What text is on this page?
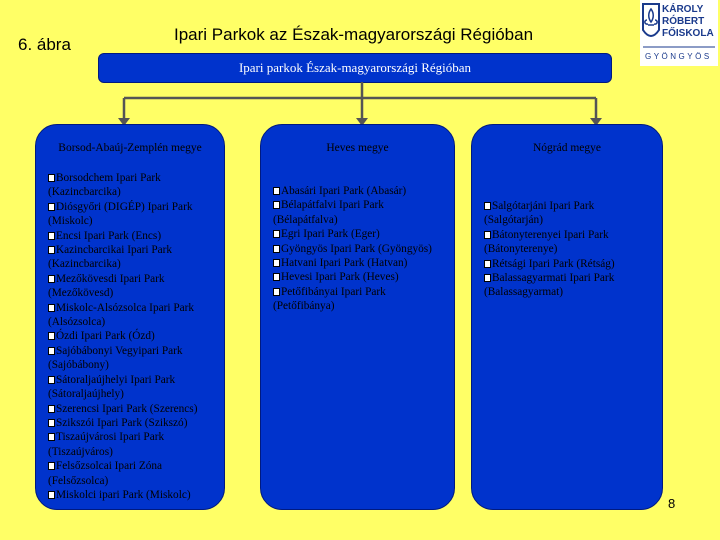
6. ábra
Ipari Parkok az Észak-magyarországi Régióban
KÁROLY
RÓBERT
FŐISKOLA
GYÖNGYÖS
Ipari parkok Észak-magyarországi Régióban
Borsod-Abaúj-Zemplén megye
Borsodchem Ipari Park (Kazincbarcika)
Diósgyőri (DIGÉP) Ipari Park (Miskolc)
Encsi Ipari Park (Encs)
Kazincbarcikai Ipari Park (Kazincbarcika)
Mezőkövesdi Ipari Park (Mezőkövesd)
Miskolc-Alsózsolca Ipari Park (Alsózsolca)
Ózdi Ipari Park (Ózd)
Sajóbábonyi Vegyipari Park (Sajóbábony)
Sátoraljaújhelyi Ipari Park (Sátoraljaújhely)
Szerencsi Ipari Park (Szerencs)
Szikszói Ipari Park (Szikszó)
Tiszaújvárosi Ipari Park (Tiszaújváros)
Felsőzsolcai Ipari Zóna (Felsőzsolca)
Miskolci ipari Park (Miskolc)
Heves megye
Abasári Ipari Park (Abasár)
Bélapátfalvi Ipari Park (Bélapátfalva)
Egri Ipari Park (Eger)
Gyöngyös Ipari Park (Gyöngyös)
Hatvani Ipari Park (Hatvan)
Hevesi Ipari Park (Heves)
Petőfibányai Ipari Park (Petőfibánya)
Nógrád megye
Salgótarjáni Ipari Park (Salgótarján)
Bátonyterenyei Ipari Park (Bátonyterenye)
Rétsági Ipari Park (Rétság)
Balassagyarmati Ipari Park (Balassagyarmat)
8
